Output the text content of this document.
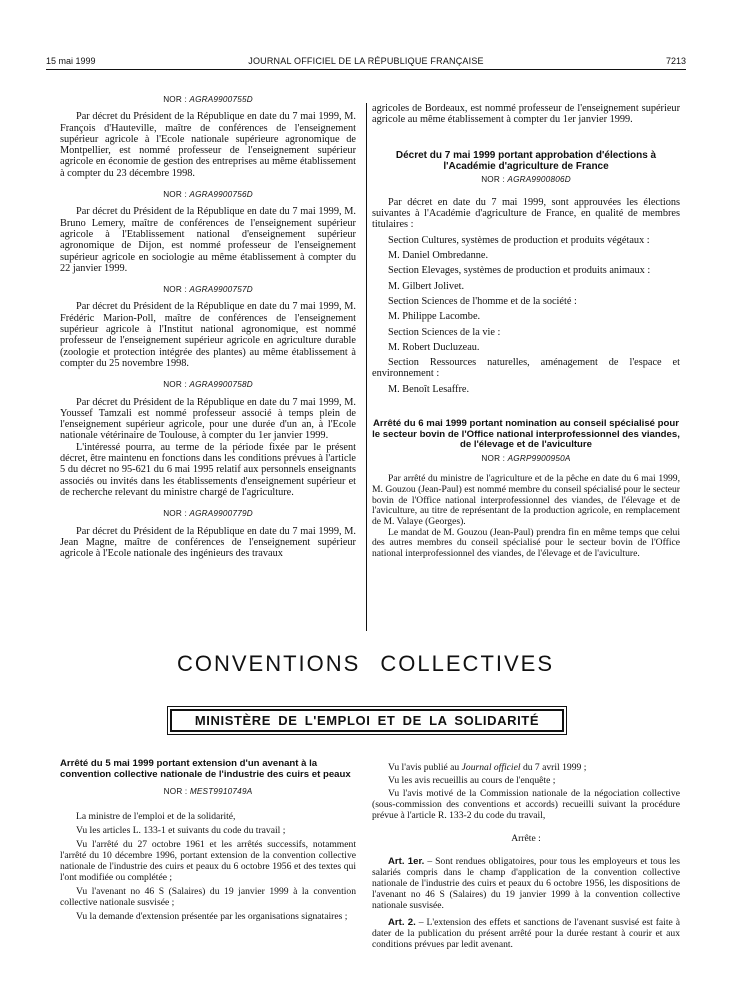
15 mai 1999	JOURNAL OFFICIEL DE LA RÉPUBLIQUE FRANÇAISE	7213
NOR : AGRA9900755D

Par décret du Président de la République en date du 7 mai 1999, M. François d'Hauteville, maître de conférences de l'enseignement supérieur agricole à l'Ecole nationale supérieure agronomique de Montpellier, est nommé professeur de l'enseignement supérieur agricole en économie de gestion des entreprises au même établissement à compter du 23 décembre 1998.

NOR : AGRA9900756D

Par décret du Président de la République en date du 7 mai 1999, M. Bruno Lemery, maître de conférences de l'enseignement supérieur agricole à l'Etablissement national d'enseignement supérieur agronomique de Dijon, est nommé professeur de l'enseignement supérieur agricole en sociologie au même établissement à compter du 22 janvier 1999.

NOR : AGRA9900757D

Par décret du Président de la République en date du 7 mai 1999, M. Frédéric Marion-Poll, maître de conférences de l'enseignement supérieur agricole à l'Institut national agronomique, est nommé professeur de l'enseignement supérieur agricole en agriculture durable (zoologie et protection intégrée des plantes) au même établissement à compter du 25 novembre 1998.

NOR : AGRA9900758D

Par décret du Président de la République en date du 7 mai 1999, M. Youssef Tamzali est nommé professeur associé à temps plein de l'enseignement supérieur agricole, pour une durée d'un an, à l'Ecole nationale vétérinaire de Toulouse, à compter du 1er janvier 1999.

L'intéressé pourra, au terme de la période fixée par le présent décret, être maintenu en fonctions dans les conditions prévues à l'article 5 du décret no 95-621 du 6 mai 1995 relatif aux personnels enseignants associés ou invités dans les établissements d'enseignement supérieur et de recherche relevant du ministre chargé de l'agriculture.

NOR : AGRA9900779D

Par décret du Président de la République en date du 7 mai 1999, M. Jean Magne, maître de conférences de l'enseignement supérieur agricole à l'Ecole nationale des ingénieurs des travaux

agricoles de Bordeaux, est nommé professeur de l'enseignement supérieur agricole au même établissement à compter du 1er janvier 1999.

Décret du 7 mai 1999 portant approbation d'élections à l'Académie d'agriculture de France
NOR : AGRA9900806D

Par décret en date du 7 mai 1999, sont approuvées les élections suivantes à l'Académie d'agriculture de France, en qualité de membres titulaires :

Section Cultures, systèmes de production et produits végétaux :

M. Daniel Ombredanne.

Section Elevages, systèmes de production et produits animaux :

M. Gilbert Jolivet.

Section Sciences de l'homme et de la société :

M. Philippe Lacombe.

Section Sciences de la vie :

M. Robert Ducluzeau.

Section Ressources naturelles, aménagement de l'espace et environnement :

M. Benoît Lesaffre.

Arrêté du 6 mai 1999 portant nomination au conseil spécialisé pour le secteur bovin de l'Office national interprofessionnel des viandes, de l'élevage et de l'aviculture
NOR : AGRP9900950A

Par arrêté du ministre de l'agriculture et de la pêche en date du 6 mai 1999, M. Gouzou (Jean-Paul) est nommé membre du conseil spécialisé pour le secteur bovin de l'Office national interprofessionnel des viandes, de l'élevage et de l'aviculture, au titre de représentant de la production agricole, en remplacement de M. Valaye (Georges).

Le mandat de M. Gouzou (Jean-Paul) prendra fin en même temps que celui des autres membres du conseil spécialisé pour le secteur bovin de l'Office national interprofessionnel des viandes, de l'élevage et de l'aviculture.

CONVENTIONS COLLECTIVES
MINISTÈRE DE L'EMPLOI ET DE LA SOLIDARITÉ
Arrêté du 5 mai 1999 portant extension d'un avenant à la convention collective nationale de l'industrie des cuirs et peaux
NOR : MEST9910749A

La ministre de l'emploi et de la solidarité,

Vu les articles L. 133-1 et suivants du code du travail ;

Vu l'arrêté du 27 octobre 1961 et les arrêtés successifs, notamment l'arrêté du 10 décembre 1996, portant extension de la convention collective nationale de l'industrie des cuirs et peaux du 6 octobre 1956 et des textes qui l'ont modifiée ou complétée ;

Vu l'avenant no 46 S (Salaires) du 19 janvier 1999 à la convention collective nationale susvisée ;

Vu la demande d'extension présentée par les organisations signataires ;

Vu l'avis publié au Journal officiel du 7 avril 1999 ;

Vu les avis recueillis au cours de l'enquête ;

Vu l'avis motivé de la Commission nationale de la négociation collective (sous-commission des conventions et accords) recueilli suivant la procédure prévue à l'article R. 133-2 du code du travail,

Arrête :

Art. 1er. – Sont rendues obligatoires, pour tous les employeurs et tous les salariés compris dans le champ d'application de la convention collective nationale de l'industrie des cuirs et peaux du 6 octobre 1956, les dispositions de l'avenant no 46 S (Salaires) du 19 janvier 1999 à la convention collective nationale susvisée.

Art. 2. – L'extension des effets et sanctions de l'avenant susvisé est faite à dater de la publication du présent arrêté pour la durée restant à courir et aux conditions prévues par ledit avenant.
